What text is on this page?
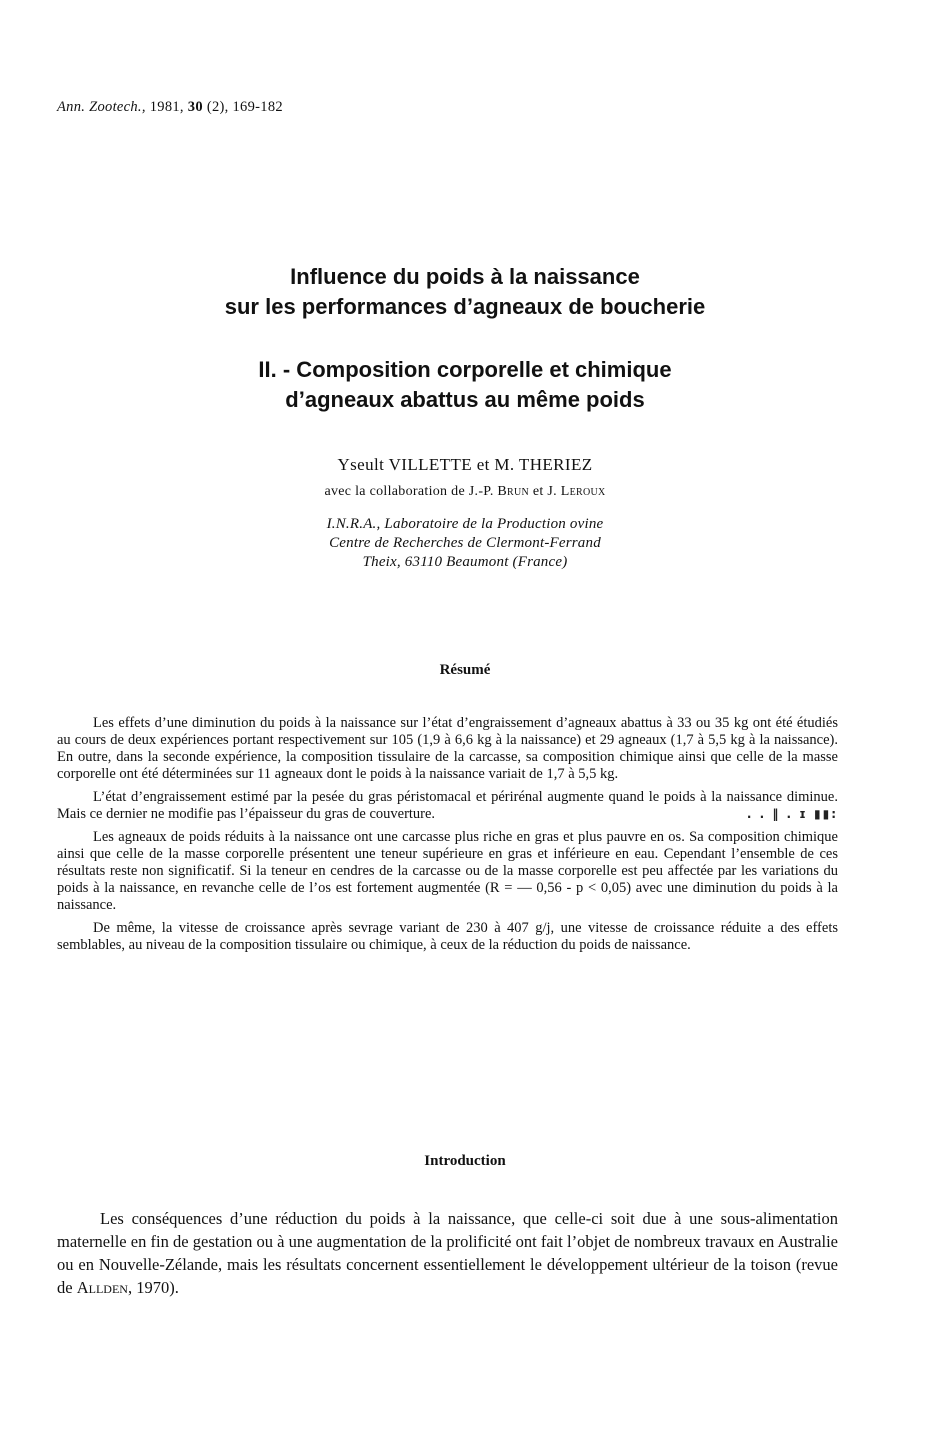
Ann. Zootech., 1981, 30 (2), 169-182
Influence du poids à la naissance
sur les performances d’agneaux de boucherie
II. - Composition corporelle et chimique
d’agneaux abattus au même poids
Yseult VILLETTE et M. THERIEZ
avec la collaboration de J.-P. Brun et J. Leroux
I.N.R.A., Laboratoire de la Production ovine
Centre de Recherches de Clermont-Ferrand
Theix, 63110 Beaumont (France)
Résumé

Les effets d’une diminution du poids à la naissance sur l’état d’engraissement d’agneaux abattus à 33 ou 35 kg ont été étudiés au cours de deux expériences portant respectivement sur 105 (1,9 à 6,6 kg à la naissance) et 29 agneaux (1,7 à 5,5 kg à la naissance). En outre, dans la seconde expérience, la composition tissulaire de la carcasse, sa composition chimique ainsi que celle de la masse corporelle ont été déterminées sur 11 agneaux dont le poids à la naissance variait de 1,7 à 5,5 kg.

L’état d’engraissement estimé par la pesée du gras péristomacal et périrénal augmente quand le poids à la naissance diminue. Mais ce dernier ne modifie pas l’épaisseur du gras de couverture.	. . ‖ . ɪ ▮▮:

Les agneaux de poids réduits à la naissance ont une carcasse plus riche en gras et plus pauvre en os. Sa composition chimique ainsi que celle de la masse corporelle présentent une teneur supérieure en gras et inférieure en eau. Cependant l’ensemble de ces résultats reste non significatif. Si la teneur en cendres de la carcasse ou de la masse corporelle est peu affectée par les variations du poids à la naissance, en revanche celle de l’os est fortement augmentée (R = — 0,56 - p < 0,05) avec une diminution du poids à la naissance.

De même, la vitesse de croissance après sevrage variant de 230 à 407 g/j, une vitesse de croissance réduite a des effets semblables, au niveau de la composition tissulaire ou chimique, à ceux de la réduction du poids de naissance.

Introduction

Les conséquences d’une réduction du poids à la naissance, que celle-ci soit due à une sous-alimentation maternelle en fin de gestation ou à une augmentation de la prolificité ont fait l’objet de nombreux travaux en Australie ou en Nouvelle-Zélande, mais les résultats concernent essentiellement le développement ultérieur de la toison (revue de Allden, 1970).
